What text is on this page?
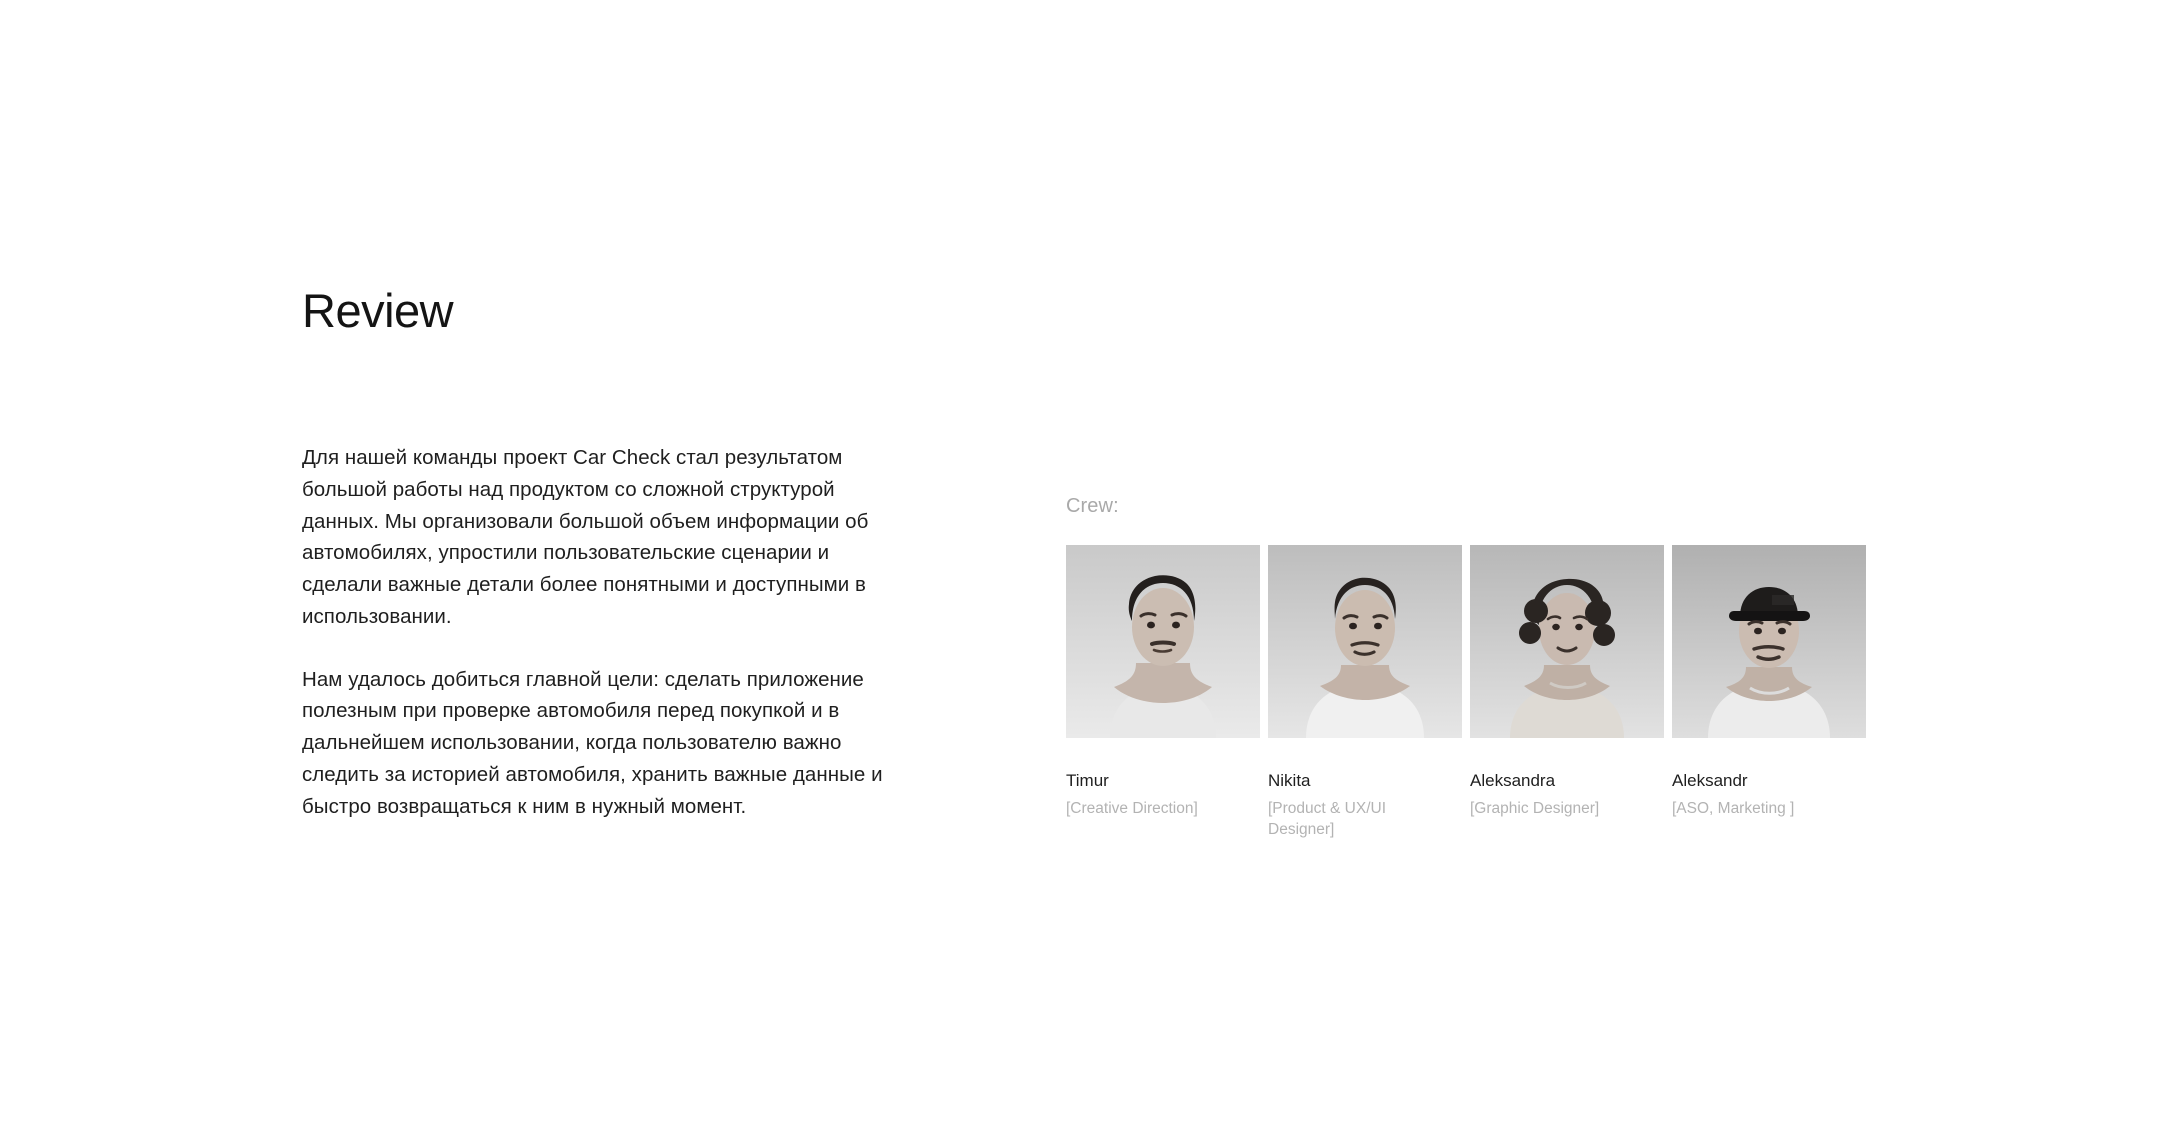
Review

Для нашей команды проект Car Check стал результатом большой работы над продуктом со сложной структурой данных. Мы организовали большой объем информации об автомобилях, упростили пользовательские сценарии и сделали важные детали более понятными и доступными в использовании.

Нам удалось добиться главной цели: сделать приложение полезным при проверке автомобиля перед покупкой и в дальнейшем использовании, когда пользователю важно следить за историей автомобиля, хранить важные данные и быстро возвращаться к ним в нужный момент.

Crew:
Timur
[Creative Direction]
Nikita
[Product & UX/UI Designer]
Aleksandra
[Graphic Designer]
Aleksandr
[ASO, Marketing ]
